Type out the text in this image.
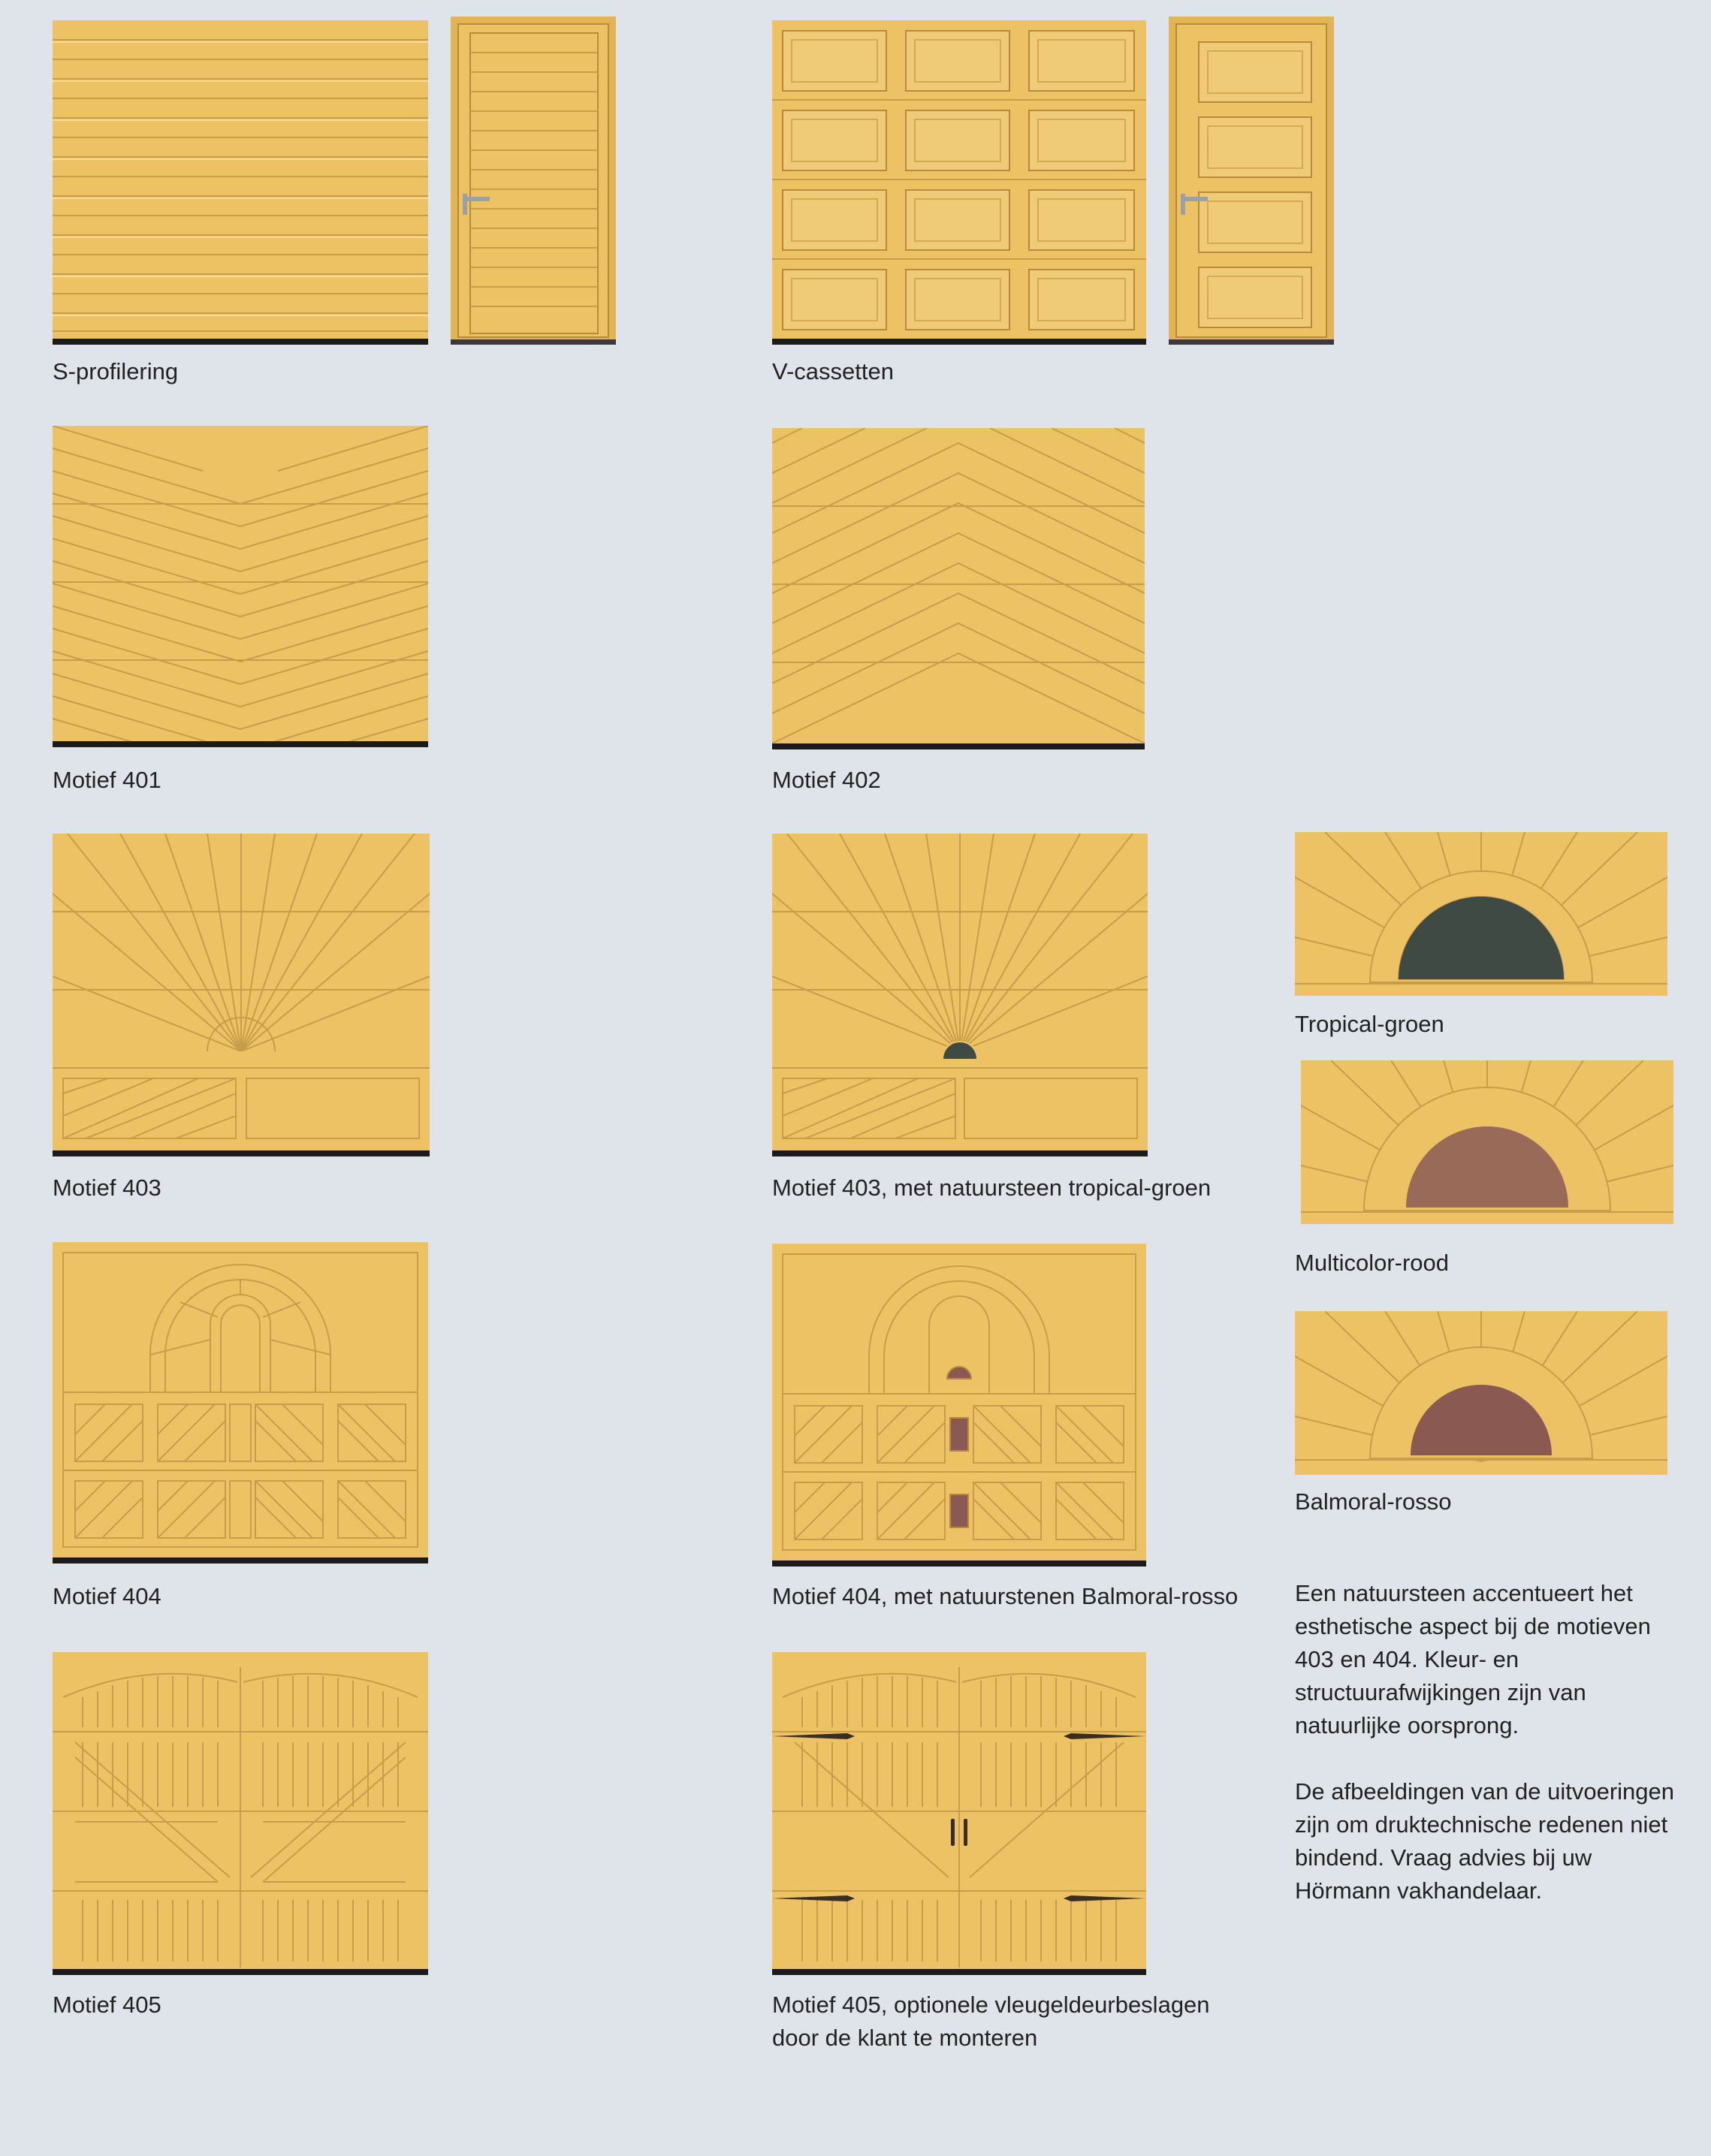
S-profilering	V-cassetten
Motief 401	Motief 402
Tropical-groen
Multicolor-rood
Balmoral-rosso
Motief 403	Motief 403, met natuursteen tropical-groen
Motief 404	Motief 404, met natuurstenen Balmoral-rosso
Motief 405	Motief 405, optionele vleugeldeurbeslagen
door de klant te monteren

Een natuursteen accentueert het esthetische aspect bij de motieven 403 en 404. Kleur- en structuurafwijkingen zijn van natuurlijke oorsprong.

De afbeeldingen van de uitvoeringen zijn om druktechnische redenen niet bindend. Vraag advies bij uw Hörmann vakhandelaar.
